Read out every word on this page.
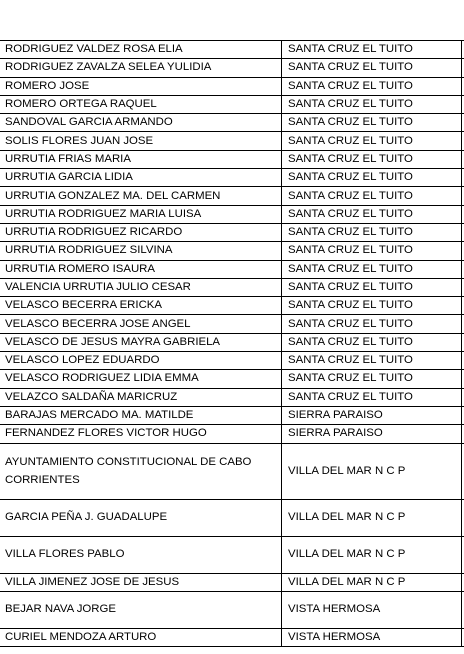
RODRIGUEZ VALDEZ ROSA ELIA	SANTA CRUZ EL TUITO	
RODRIGUEZ ZAVALZA SELEA YULIDIA	SANTA CRUZ EL TUITO	
ROMERO JOSE	SANTA CRUZ EL TUITO	
ROMERO ORTEGA RAQUEL	SANTA CRUZ EL TUITO	
SANDOVAL GARCIA ARMANDO	SANTA CRUZ EL TUITO	
SOLIS FLORES JUAN JOSE	SANTA CRUZ EL TUITO	
URRUTIA FRIAS MARIA	SANTA CRUZ EL TUITO	
URRUTIA GARCIA LIDIA	SANTA CRUZ EL TUITO	
URRUTIA GONZALEZ MA. DEL CARMEN	SANTA CRUZ EL TUITO	
URRUTIA RODRIGUEZ MARIA LUISA	SANTA CRUZ EL TUITO	
URRUTIA RODRIGUEZ RICARDO	SANTA CRUZ EL TUITO	
URRUTIA RODRIGUEZ SILVINA	SANTA CRUZ EL TUITO	
URRUTIA ROMERO ISAURA	SANTA CRUZ EL TUITO	
VALENCIA URRUTIA JULIO CESAR	SANTA CRUZ EL TUITO	
VELASCO BECERRA ERICKA	SANTA CRUZ EL TUITO	
VELASCO BECERRA JOSE ANGEL	SANTA CRUZ EL TUITO	
VELASCO DE JESUS MAYRA GABRIELA	SANTA CRUZ EL TUITO	
VELASCO LOPEZ EDUARDO	SANTA CRUZ EL TUITO	
VELASCO RODRIGUEZ LIDIA EMMA	SANTA CRUZ EL TUITO	
VELAZCO SALDAÑA MARICRUZ	SANTA CRUZ EL TUITO	
BARAJAS MERCADO MA. MATILDE	SIERRA PARAISO	
FERNANDEZ FLORES VICTOR HUGO	SIERRA PARAISO	
AYUNTAMIENTO CONSTITUCIONAL DE CABO CORRIENTES	VILLA DEL MAR N C P	
GARCIA PEÑA J. GUADALUPE	VILLA DEL MAR N C P	
VILLA FLORES PABLO	VILLA DEL MAR N C P	
VILLA JIMENEZ JOSE DE JESUS	VILLA DEL MAR N C P	
BEJAR NAVA JORGE	VISTA HERMOSA	
CURIEL MENDOZA ARTURO	VISTA HERMOSA	
